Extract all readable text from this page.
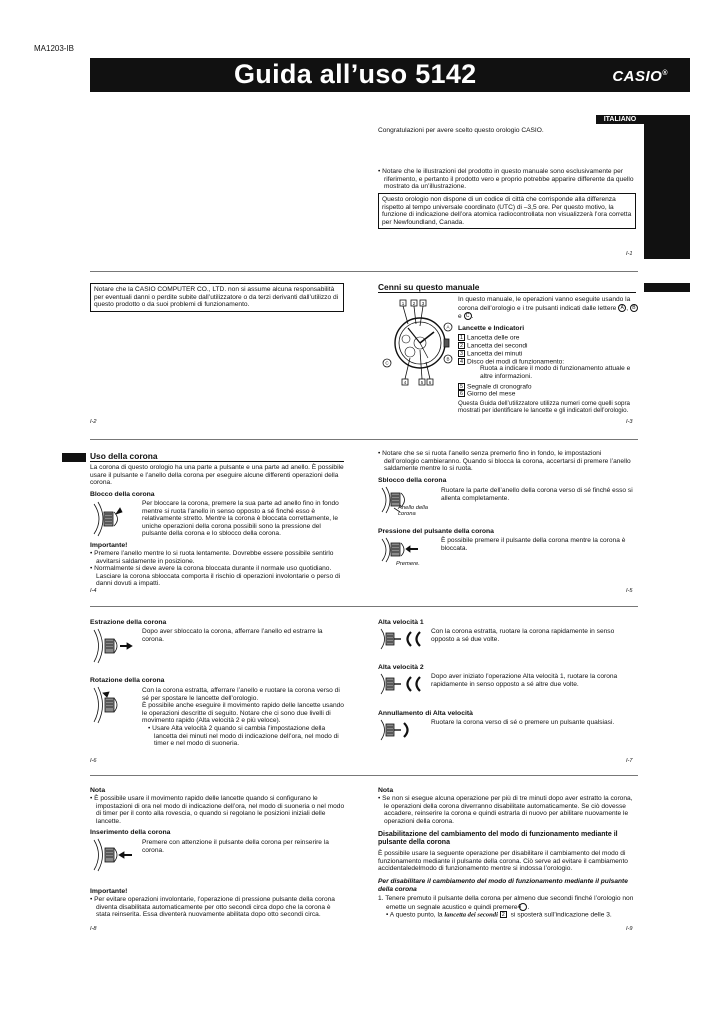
MA1203-IB
Guida all’uso 5142	CASIO®
ITALIANO
Congratulazioni per avere scelto questo orologio CASIO.
• Notare che le illustrazioni del prodotto in questo manuale sono esclusivamente per riferimento, e pertanto il prodotto vero e proprio potrebbe apparire differente da quello mostrato da un’illustrazione.
Questo orologio non dispone di un codice di città che corrisponde alla differenza rispetto al tempo universale coordinato (UTC) di –3,5 ore. Per questo motivo, la funzione di indicazione dell’ora atomica radiocontrollata non visualizzerà l’ora corretta per Newfoundland, Canada.
I-1
Notare che la CASIO COMPUTER CO., LTD. non si assume alcuna responsabilità per eventuali danni o perdite subite dall’utilizzatore o da terzi derivanti dall’utilizzo di questo prodotto o da suoi problemi di funzionamento.
I-2
Cenni su questo manuale
1 2 3
4	5 6
A
B
C
In questo manuale, le operazioni vanno eseguite usando la corona dell’orologio e i tre pulsanti indicati dalle lettere A , B e C .
Lancette e Indicatori
1 Lancetta delle ore
2 Lancetta dei secondi
3 Lancetta dei minuti
4 Disco dei modi di funzionamento:
Ruota a indicare il modo di funzionamento attuale e altre informazioni.
5 Segnale di cronografo
6 Giorno del mese
Questa Guida dell’utilizzatore utilizza numeri come quelli sopra mostrati per identificare le lancette e gli indicatori dell’orologio.
I-3
Uso della corona
La corona di questo orologio ha una parte a pulsante e una parte ad anello. È possibile usare il pulsante e l’anello della corona per eseguire alcune differenti operazioni della corona.
Blocco della corona
Per bloccare la corona, premere la sua parte ad anello fino in fondo mentre si ruota l’anello in senso opposto a sé finché esso è relativamente stretto. Mentre la corona è bloccata correttamente, le uniche operazioni della corona possibili sono la pressione del pulsante della corona e lo sblocco della corona.
Importante!
• Premere l’anello mentre lo si ruota lentamente. Dovrebbe essere possibile sentirlo avvitarsi saldamente in posizione.
• Normalmente si deve avere la corona bloccata durante il normale uso quotidiano. Lasciare la corona sbloccata comporta il rischio di operazioni involontarie o perso di danni dovuti a impatti.
I-4
• Notare che se si ruota l’anello senza premerlo fino in fondo, le impostazioni dell’orologio cambieranno. Quando si blocca la corona, accertarsi di premere l’anello saldamente mentre lo si ruota.
Sblocco della corona
Anello della corona
Ruotare la parte dell’anello della corona verso di sé finché esso si allenta completamente.
Pressione del pulsante della corona
Premere.
È possibile premere il pulsante della corona mentre la corona è bloccata.
I-5
Estrazione della corona
Dopo aver sbloccato la corona, afferrare l’anello ed estrarre la corona.
Rotazione della corona
Con la corona estratta, afferrare l’anello e ruotare la corona verso di sé per spostare le lancette dell’orologio.
È possibile anche eseguire il movimento rapido delle lancette usando le operazioni descritte di seguito. Notare che ci sono due livelli di movimento rapido (Alta velocità 2 e più veloce).
• Usare Alta velocità 2 quando si cambia l’impostazione della lancetta dei minuti nel modo di indicazione dell’ora, nel modo di timer e nel modo di suoneria.
I-6
Alta velocità 1
Con la corona estratta, ruotare la corona rapidamente in senso opposto a sé due volte.
Alta velocità 2
Dopo aver iniziato l’operazione Alta velocità 1, ruotare la corona rapidamente in senso opposto a sé altre due volte.
Annullamento di Alta velocità
Ruotare la corona verso di sé o premere un pulsante qualsiasi.
I-7
Nota
• È possibile usare il movimento rapido delle lancette quando si configurano le impostazioni di ora nel modo di indicazione dell’ora, nel modo di suoneria o nel modo di timer per il conto alla rovescia, o quando si regolano le posizioni iniziali delle lancette.
Inserimento della corona
Premere con attenzione il pulsante della corona per reinserire la corona.
Importante!
• Per evitare operazioni involontarie, l’operazione di pressione pulsante della corona diventa disabilitata automaticamente per otto secondi circa dopo che la corona è stata reinserita. Essa diventerà nuovamente abilitata dopo otto secondi circa.
I-8
Nota
• Se non si esegue alcuna operazione per più di tre minuti dopo aver estratto la corona, le operazioni della corona diverranno disabilitate automaticamente. Se ciò dovesse accadere, reinserire la corona e quindi estrarla di nuovo per abilitare nuovamente le operazioni della corona.
Disabilitazione del cambiamento del modo di funzionamento mediante il pulsante della corona
È possibile usare la seguente operazione per disabilitare il cambiamento del modo di funzionamento mediante il pulsante della corona. Ciò serve ad evitare il cambiamento accidentaledelmodo di funzionamento mentre si indossa l’orologio.
Per disabilitare il cambiamento del modo di funzionamento mediante il pulsante della corona
1. Tenere premuto il pulsante della corona per almeno due secondi finché l’orologio non emette un segnale acustico e quindi premere A .
• A questo punto, la lancetta dei secondi 2 si sposterà sull’indicazione delle 3.
I-9
